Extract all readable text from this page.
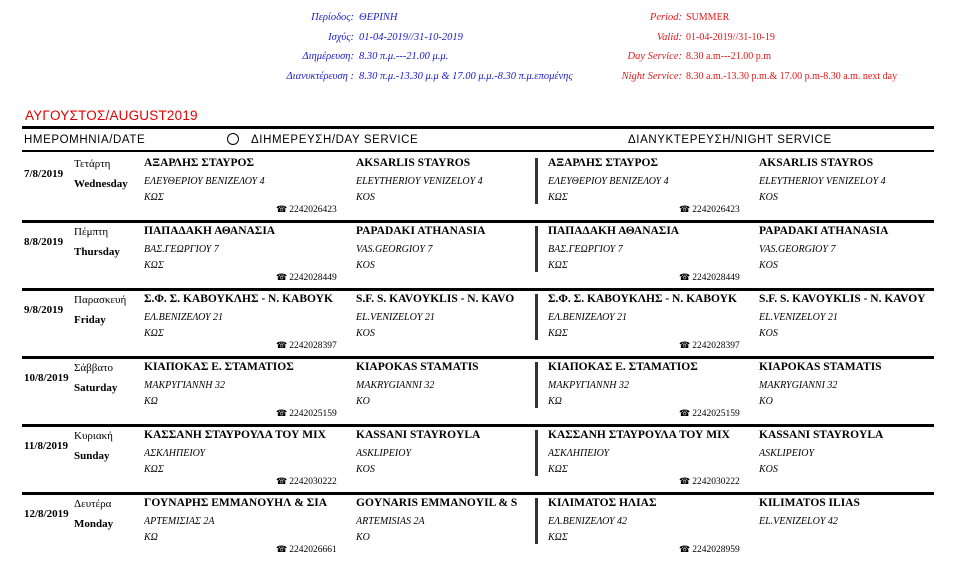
Περίοδος:
Ισχύς:
Διημέρευση:
Διανυκτέρευση :
ΘΕΡΙΝΗ
01-04-2019//31-10-2019
8.30 π.μ.---21.00 μ.μ.
8.30 π.μ.-13.30 μ.μ & 17.00 μ.μ.-8.30 π.μ.επομένης
Period:
Valid:
Day Service:
Night Service:
SUMMER
01-04-2019//31-10-19
8.30 a.m---21.00 p.m
8.30 a.m.-13.30 p.m.& 17.00 p.m-8.30 a.m. next day
ΑΥΓΟΥΣΤΟΣ/AUGUST2019
ΗΜΕΡΟΜΗΝΙΑ/DATE	ΔΙΗΜΕΡΕΥΣΗ/DAY SERVICE	ΔΙΑΝΥΚΤΕΡΕΥΣΗ/NIGHT SERVICE
7/8/2019
Τετάρτη
Wednesday
ΑΞΑΡΛΗΣ ΣΤΑΥΡΟΣ
ΕΛΕΥΘΕΡΙΟΥ ΒΕΝΙΖΕΛΟΥ 4
ΚΩΣ
☎ 2242026423
AKSARLIS STAYROS
ELEYTHERIOY VENIZELOY 4
KOS
ΑΞΑΡΛΗΣ ΣΤΑΥΡΟΣ
ΕΛΕΥΘΕΡΙΟΥ ΒΕΝΙΖΕΛΟΥ 4
ΚΩΣ
☎ 2242026423
AKSARLIS STAYROS
ELEYTHERIOY VENIZELOY 4
KOS
8/8/2019
Πέμπτη
Thursday
ΠΑΠΑΔΑΚΗ ΑΘΑΝΑΣΙΑ
ΒΑΣ.ΓΕΩΡΓΙΟΥ 7
ΚΩΣ
☎ 2242028449
PAPADAKI ATHANASIA
VAS.GEORGIOY 7
KOS
ΠΑΠΑΔΑΚΗ ΑΘΑΝΑΣΙΑ
ΒΑΣ.ΓΕΩΡΓΙΟΥ 7
ΚΩΣ
☎ 2242028449
PAPADAKI ATHANASIA
VAS.GEORGIOY 7
KOS
9/8/2019
Παρασκευή
Friday
Σ.Φ. Σ. ΚΑΒΟΥΚΛΗΣ - Ν. ΚΑΒΟΥΚ
ΕΛ.ΒΕΝΙΖΕΛΟΥ 21
ΚΩΣ
☎ 2242028397
S.F. S. KAVOYKLIS - N. KAVO
EL.VENIZELOY 21
KOS
Σ.Φ. Σ. ΚΑΒΟΥΚΛΗΣ - Ν. ΚΑΒΟΥΚ
ΕΛ.ΒΕΝΙΖΕΛΟΥ 21
ΚΩΣ
☎ 2242028397
S.F. S. KAVOYKLIS - N. KAVOY
EL.VENIZELOY 21
KOS
10/8/2019
Σάββατο
Saturday
ΚΙΑΠΟΚΑΣ Ε. ΣΤΑΜΑΤΙΟΣ
ΜΑΚΡΥΓΙΑΝΝΗ 32
ΚΩ
☎ 2242025159
KIAPOKAS STAMATIS
MAKRYGIANNI 32
KO
ΚΙΑΠΟΚΑΣ Ε. ΣΤΑΜΑΤΙΟΣ
ΜΑΚΡΥΓΙΑΝΝΗ 32
ΚΩ
☎ 2242025159
KIAPOKAS STAMATIS
MAKRYGIANNI 32
KO
11/8/2019
Κυριακή
Sunday
ΚΑΣΣΑΝΗ ΣΤΑΥΡΟΥΛΑ ΤΟΥ ΜΙΧ
ΑΣΚΛΗΠΕΙΟΥ
ΚΩΣ
☎ 2242030222
KASSANI STAYROYLA
ASKLIPEIOY
KOS
ΚΑΣΣΑΝΗ ΣΤΑΥΡΟΥΛΑ ΤΟΥ ΜΙΧ
ΑΣΚΛΗΠΕΙΟΥ
ΚΩΣ
☎ 2242030222
KASSANI STAYROYLA
ASKLIPEIOY
KOS
12/8/2019
Δευτέρα
Monday
ΓΟΥΝΑΡΗΣ ΕΜΜΑΝΟΥΗΛ & ΣΙΑ
ΑΡΤΕΜΙΣΙΑΣ 2Α
ΚΩ
☎ 2242026661
GOYNARIS EMMANOYIL & S
ARTEMISIAS 2A
KO
ΚΙΛΙΜΑΤΟΣ ΗΛΙΑΣ
ΕΛ.ΒΕΝΙΖΕΛΟΥ 42
ΚΩΣ
☎ 2242028959
KILIMATOS ILIAS
EL.VENIZELOY 42
